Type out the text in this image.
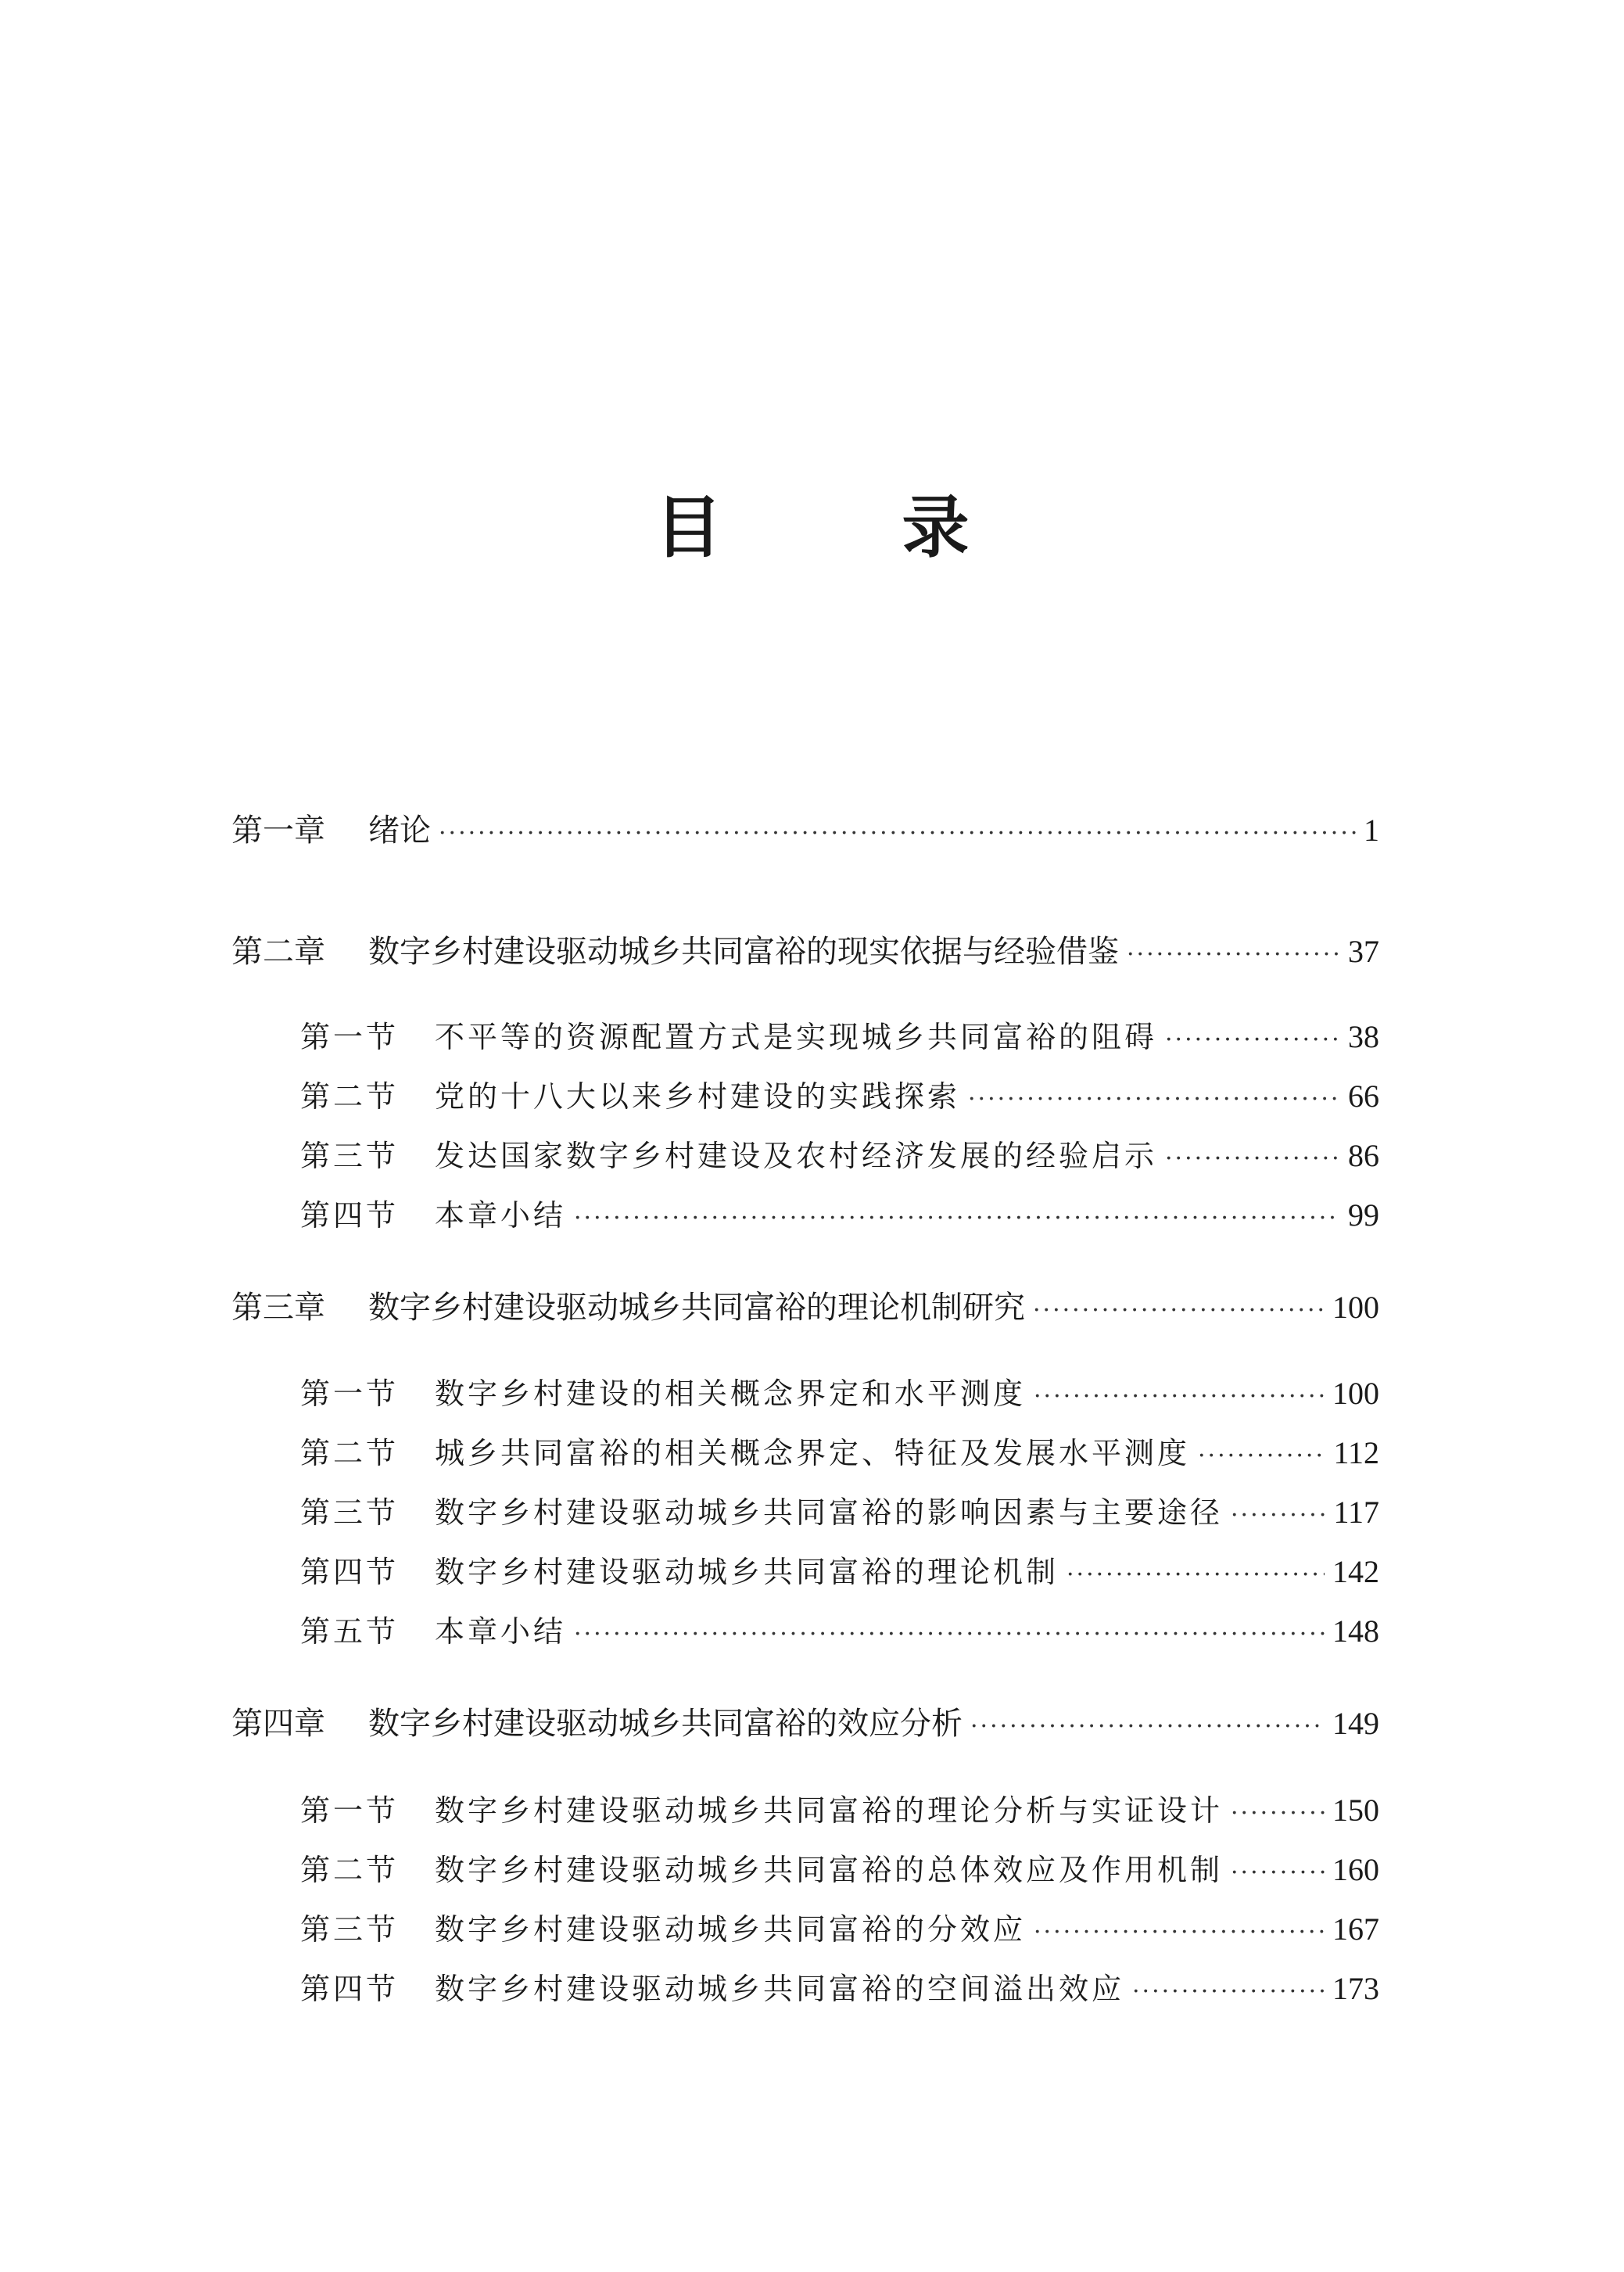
目 录
第一章	绪论 ·····	1
第二章	数字乡村建设驱动城乡共同富裕的现实依据与经验借鉴 ·····	37
第一节	不平等的资源配置方式是实现城乡共同富裕的阻碍 ·····	38
第二节	党的十八大以来乡村建设的实践探索 ·····	66
第三节	发达国家数字乡村建设及农村经济发展的经验启示 ·····	86
第四节	本章小结 ·····	99
第三章	数字乡村建设驱动城乡共同富裕的理论机制研究 ·····	100
第一节	数字乡村建设的相关概念界定和水平测度 ·····	100
第二节	城乡共同富裕的相关概念界定、特征及发展水平测度 ·····	112
第三节	数字乡村建设驱动城乡共同富裕的影响因素与主要途径 ·····	117
第四节	数字乡村建设驱动城乡共同富裕的理论机制 ·····	142
第五节	本章小结 ·····	148
第四章	数字乡村建设驱动城乡共同富裕的效应分析 ·····	149
第一节	数字乡村建设驱动城乡共同富裕的理论分析与实证设计 ·····	150
第二节	数字乡村建设驱动城乡共同富裕的总体效应及作用机制 ·····	160
第三节	数字乡村建设驱动城乡共同富裕的分效应 ·····	167
第四节	数字乡村建设驱动城乡共同富裕的空间溢出效应 ·····	173
